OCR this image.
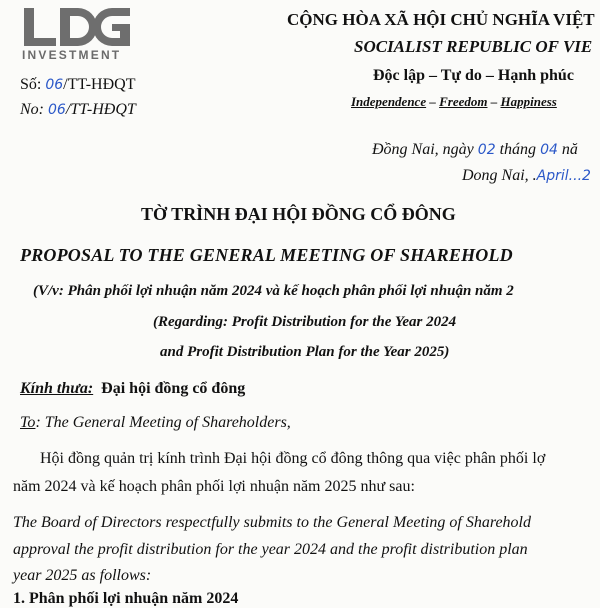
INVESTMENT
Số: 06/TT-HĐQT
No: 06/TT-HĐQT
CỘNG HÒA XÃ HỘI CHỦ NGHĨA VIỆT
SOCIALIST REPUBLIC OF VIE
Độc lập – Tự do – Hạnh phúc
Independence – Freedom – Happiness
Đồng Nai, ngày 02 tháng 04 nă
Dong Nai, .April...2
TỜ TRÌNH ĐẠI HỘI ĐỒNG CỔ ĐÔNG
PROPOSAL TO THE GENERAL MEETING OF SHAREHOLD
(V/v: Phân phối lợi nhuận năm 2024 và kế hoạch phân phối lợi nhuận năm 2
(Regarding: Profit Distribution for the Year 2024
and Profit Distribution Plan for the Year 2025)
Kính thưa: Đại hội đồng cổ đông
To: The General Meeting of Shareholders,
Hội đồng quản trị kính trình Đại hội đồng cổ đông thông qua việc phân phối lợ
năm 2024 và kế hoạch phân phối lợi nhuận năm 2025 như sau:
The Board of Directors respectfully submits to the General Meeting of Sharehold
approval the profit distribution for the year 2024 and the profit distribution plan
year 2025 as follows:
1. Phân phối lợi nhuận năm 2024
